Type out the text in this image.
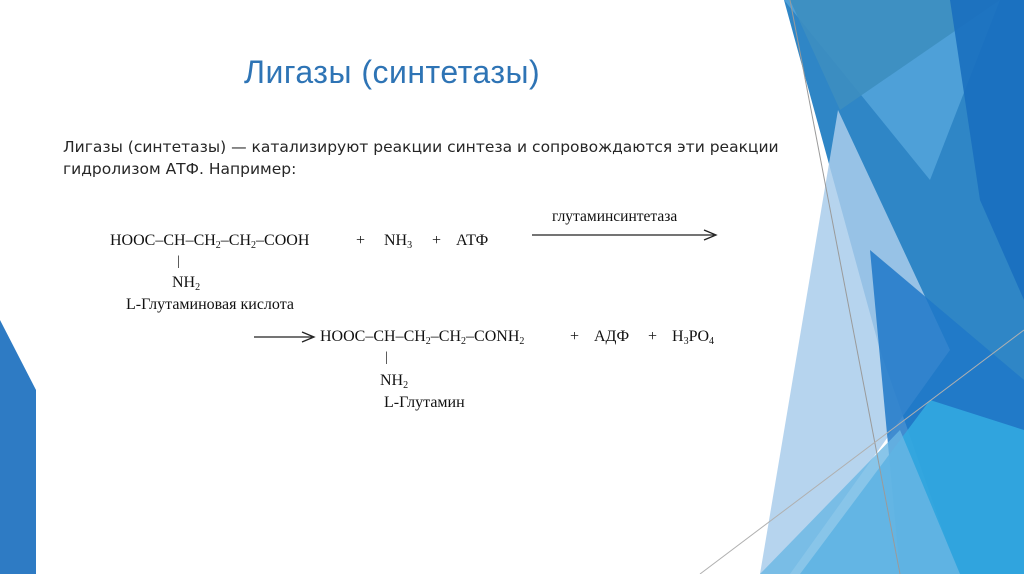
Лигазы (синтетазы)
Лигазы (синтетазы) — катализируют реакции синтеза и сопровождаются эти реакции гидролизом АТФ. Например:
глутаминсинтетаза
HOOC–$CH-CH_2-CH_2$–COOH	+ $NH_3$ + АТФ
|
$NH_2$
L-Глутаминовая кислота
HOOC–$CH-CH_2-CH_2-CONH_2$	+ АДФ + $H_3PO_4$
|
$NH_2$
L-Глутамин
